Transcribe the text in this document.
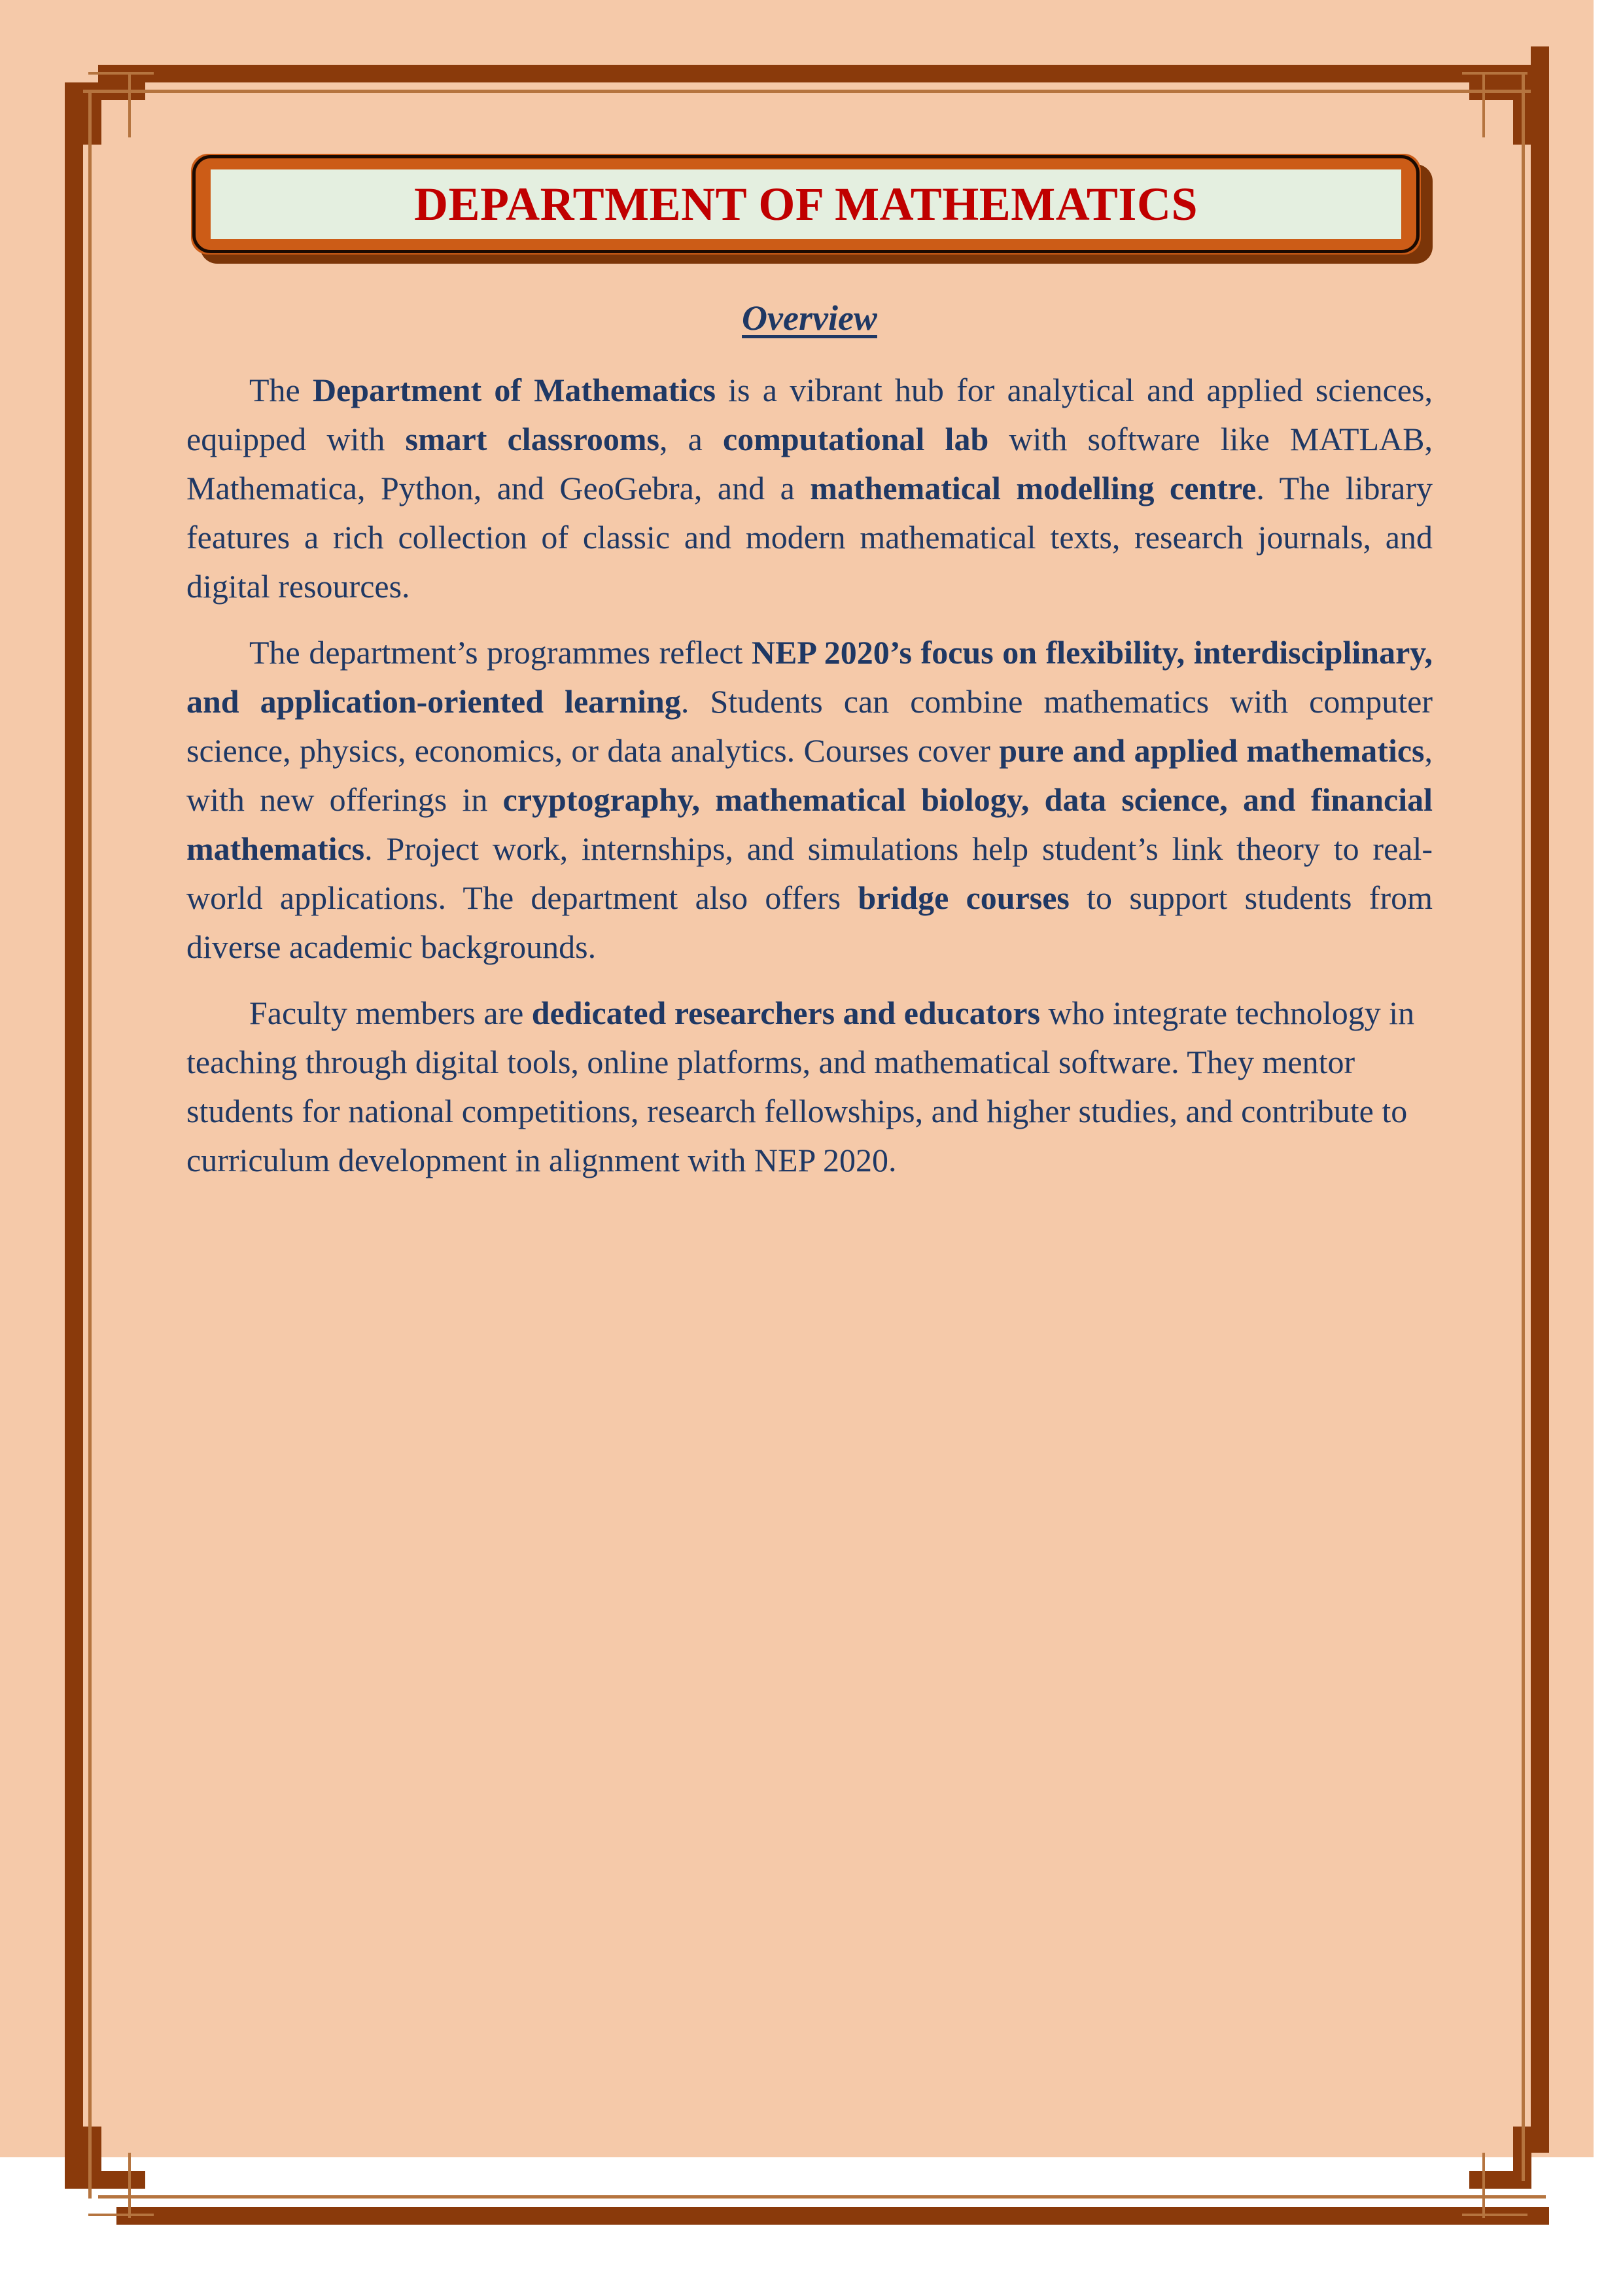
DEPARTMENT OF MATHEMATICS
Overview

The Department of Mathematics is a vibrant hub for analytical and applied sciences, equipped with smart classrooms, a computational lab with software like MATLAB, Mathematica, Python, and GeoGebra, and a mathematical modelling centre. The library features a rich collection of classic and modern mathematical texts, research journals, and digital resources.

The department’s programmes reflect NEP 2020’s focus on flexibility, interdisciplinary, and application-oriented learning. Students can combine mathematics with computer science, physics, economics, or data analytics. Courses cover pure and applied mathematics, with new offerings in cryptography, mathematical biology, data science, and financial mathematics. Project work, internships, and simulations help student’s link theory to real-world applications. The department also offers bridge courses to support students from diverse academic backgrounds.

Faculty members are dedicated researchers and educators who integrate technology in teaching through digital tools, online platforms, and mathematical software. They mentor students for national competitions, research fellowships, and higher studies, and contribute to curriculum development in alignment with NEP 2020.
